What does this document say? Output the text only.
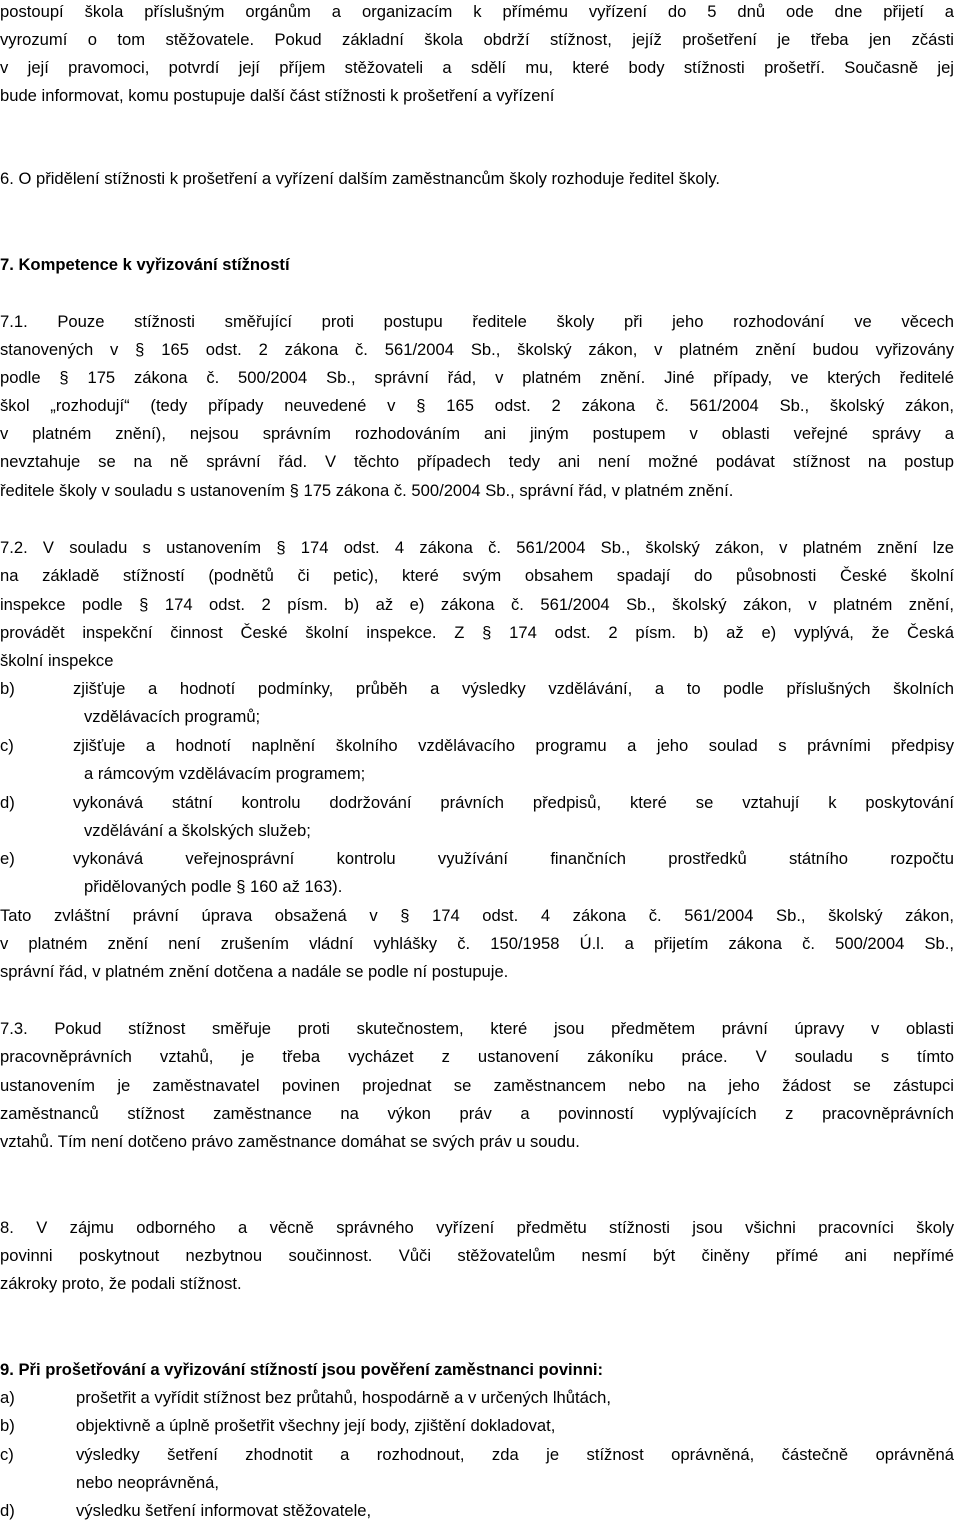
postoupí škola příslušným orgánům a organizacím k přímému vyřízení do 5 dnů ode dne přijetí a
vyrozumí o tom stěžovatele. Pokud základní škola obdrží stížnost, jejíž prošetření je třeba jen zčásti
v její pravomoci, potvrdí její příjem stěžovateli a sdělí mu, které body stížnosti prošetří. Současně jej
bude informovat, komu postupuje další část stížnosti k prošetření a vyřízení
6. O přidělení stížnosti k prošetření a vyřízení dalším zaměstnancům školy rozhoduje ředitel školy.
7. Kompetence k vyřizování stížností
7.1. Pouze stížnosti směřující proti postupu ředitele školy při jeho rozhodování ve věcech
stanovených v § 165 odst. 2 zákona č. 561/2004 Sb., školský zákon, v platném znění budou vyřizovány
podle § 175 zákona č. 500/2004 Sb., správní řád, v platném znění. Jiné případy, ve kterých ředitelé
škol „rozhodují“ (tedy případy neuvedené v § 165 odst. 2 zákona č. 561/2004 Sb., školský zákon,
v platném znění), nejsou správním rozhodováním ani jiným postupem v oblasti veřejné správy a
nevztahuje se na ně správní řád. V těchto případech tedy ani není možné podávat stížnost na postup
ředitele školy v souladu s ustanovením § 175 zákona č. 500/2004 Sb., správní řád, v platném znění.
7.2. V souladu s ustanovením § 174 odst. 4 zákona č. 561/2004 Sb., školský zákon, v platném znění lze
na základě stížností (podnětů či petic), které svým obsahem spadají do působnosti České školní
inspekce podle § 174 odst. 2 písm. b) až e) zákona č. 561/2004 Sb., školský zákon, v platném znění,
provádět inspekční činnost České školní inspekce. Z § 174 odst. 2 písm. b) až e) vyplývá, že Česká
školní inspekce
b)	zjišťuje a hodnotí podmínky, průběh a výsledky vzdělávání, a to podle příslušných školních
vzdělávacích programů;
c)	zjišťuje a hodnotí naplnění školního vzdělávacího programu a jeho soulad s právními předpisy
a rámcovým vzdělávacím programem;
d)	vykonává státní kontrolu dodržování právních předpisů, které se vztahují k poskytování
vzdělávání a školských služeb;
e)	vykonává veřejnosprávní kontrolu využívání finančních prostředků státního rozpočtu
přidělovaných podle § 160 až 163).
Tato zvláštní právní úprava obsažená v § 174 odst. 4 zákona č. 561/2004 Sb., školský zákon,
v platném znění není zrušením vládní vyhlášky č. 150/1958 Ú.l. a přijetím zákona č. 500/2004 Sb.,
správní řád, v platném znění dotčena a nadále se podle ní postupuje.
7.3. Pokud stížnost směřuje proti skutečnostem, které jsou předmětem právní úpravy v oblasti
pracovněprávních vztahů, je třeba vycházet z ustanovení zákoníku práce. V souladu s tímto
ustanovením je zaměstnavatel povinen projednat se zaměstnancem nebo na jeho žádost se zástupci
zaměstnanců stížnost zaměstnance na výkon práv a povinností vyplývajících z pracovněprávních
vztahů. Tím není dotčeno právo zaměstnance domáhat se svých práv u soudu.
8. V zájmu odborného a věcně správného vyřízení předmětu stížnosti jsou všichni pracovníci školy
povinni poskytnout nezbytnou součinnost. Vůči stěžovatelům nesmí být činěny přímé ani nepřímé
zákroky proto, že podali stížnost.
9. Při prošetřování a vyřizování stížností jsou pověření zaměstnanci povinni:
a)	prošetřit a vyřídit stížnost bez průtahů, hospodárně a v určených lhůtách,
b)	objektivně a úplně prošetřit všechny její body, zjištění dokladovat,
c)	výsledky šetření zhodnotit a rozhodnout, zda je stížnost oprávněná, částečně oprávněná
nebo neoprávněná,
d)	výsledku šetření informovat stěžovatele,
